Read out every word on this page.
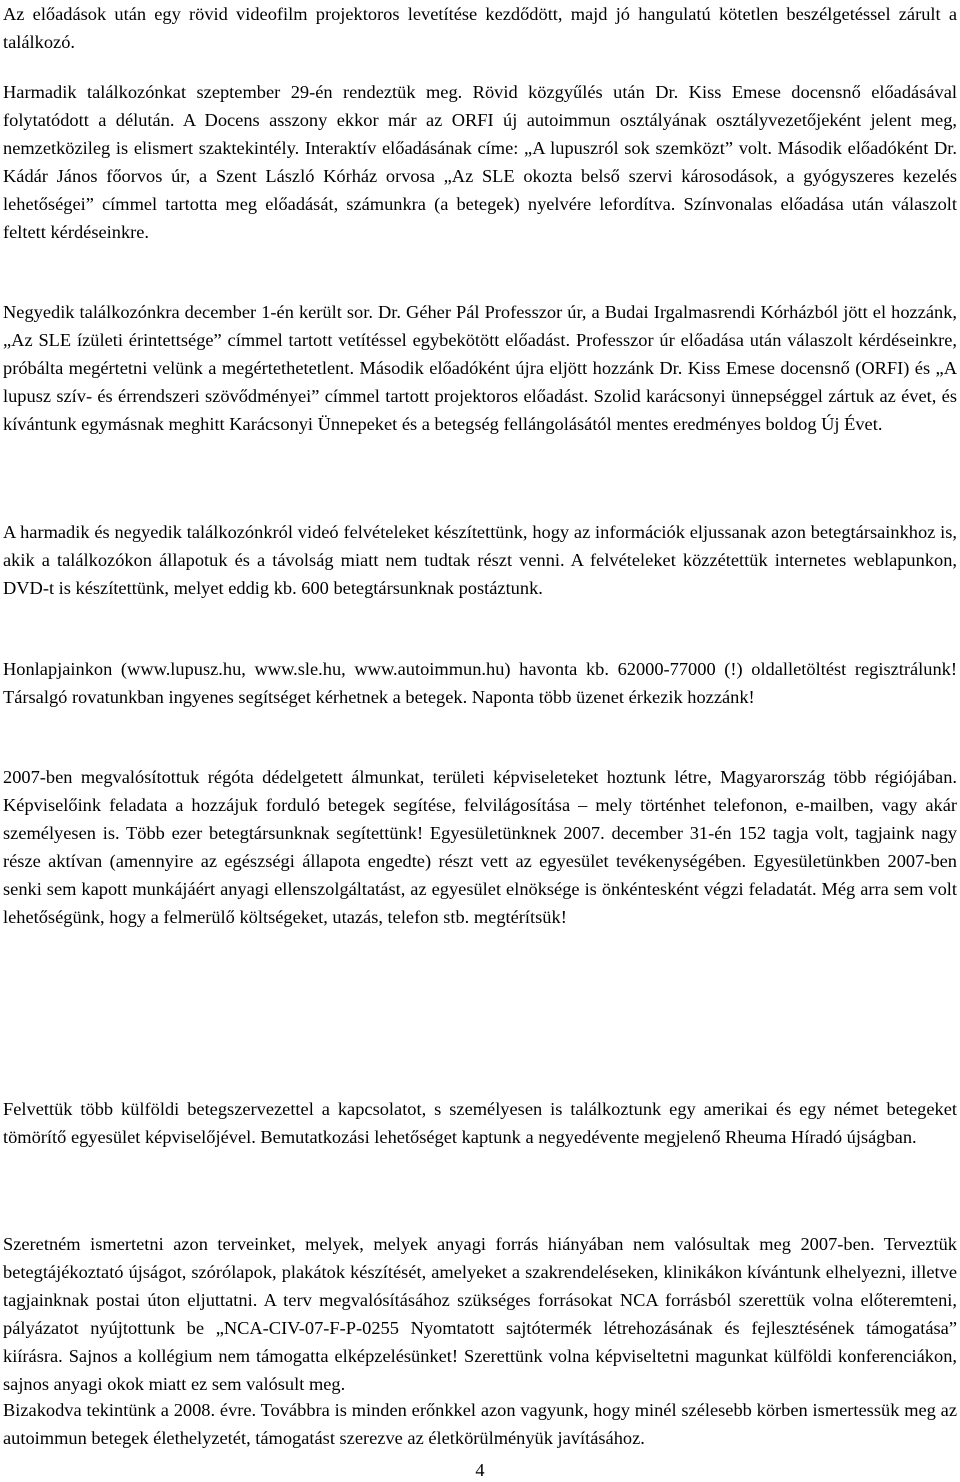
Az előadások után egy rövid videofilm projektoros levetítése kezdődött, majd jó hangulatú kötetlen beszélgetéssel zárult a találkozó.

Harmadik találkozónkat szeptember 29-én rendeztük meg. Rövid közgyűlés után Dr. Kiss Emese docensnő előadásával folytatódott a délután. A Docens asszony ekkor már az ORFI új autoimmun osztályának osztályvezetőjeként jelent meg, nemzetközileg is elismert szaktekintély. Interaktív előadásának címe: „A lupuszról sok szemközt” volt. Második előadóként Dr. Kádár János főorvos úr, a Szent László Kórház orvosa „Az SLE okozta belső szervi károsodások, a gyógyszeres kezelés lehetőségei” címmel tartotta meg előadását, számunkra (a betegek) nyelvére lefordítva. Színvonalas előadása után válaszolt feltett kérdéseinkre.

Negyedik találkozónkra december 1-én került sor. Dr. Géher Pál Professzor úr, a Budai Irgalmasrendi Kórházból jött el hozzánk, „Az SLE ízületi érintettsége” címmel tartott vetítéssel egybekötött előadást. Professzor úr előadása után válaszolt kérdéseinkre, próbálta megértetni velünk a megértethetetlent. Második előadóként újra eljött hozzánk Dr. Kiss Emese docensnő (ORFI) és „A lupusz szív- és érrendszeri szövődményei” címmel tartott projektoros előadást. Szolid karácsonyi ünnepséggel zártuk az évet, és kívántunk egymásnak meghitt Karácsonyi Ünnepeket és a betegség fellángolásától mentes eredményes boldog Új Évet.

A harmadik és negyedik találkozónkról videó felvételeket készítettünk, hogy az információk eljussanak azon betegtársainkhoz is, akik a találkozókon állapotuk és a távolság miatt nem tudtak részt venni. A felvételeket közzétettük internetes weblapunkon, DVD-t is készítettünk, melyet eddig kb. 600 betegtársunknak postáztunk.

Honlapjainkon (www.lupusz.hu, www.sle.hu, www.autoimmun.hu) havonta kb. 62000-77000 (!) oldalletöltést regisztrálunk! Társalgó rovatunkban ingyenes segítséget kérhetnek a betegek. Naponta több üzenet érkezik hozzánk!

2007-ben megvalósítottuk régóta dédelgetett álmunkat, területi képviseleteket hoztunk létre, Magyarország több régiójában. Képviselőink feladata a hozzájuk forduló betegek segítése, felvilágosítása – mely történhet telefonon, e-mailben, vagy akár személyesen is. Több ezer betegtársunknak segítettünk! Egyesületünknek 2007. december 31-én 152 tagja volt, tagjaink nagy része aktívan (amennyire az egészségi állapota engedte) részt vett az egyesület tevékenységében. Egyesületünkben 2007-ben senki sem kapott munkájáért anyagi ellenszolgáltatást, az egyesület elnöksége is önkéntesként végzi feladatát. Még arra sem volt lehetőségünk, hogy a felmerülő költségeket, utazás, telefon stb. megtérítsük!

Felvettük több külföldi betegszervezettel a kapcsolatot, s személyesen is találkoztunk egy amerikai és egy német betegeket tömörítő egyesület képviselőjével. Bemutatkozási lehetőséget kaptunk a negyedévente megjelenő Rheuma Híradó újságban.

Szeretném ismertetni azon terveinket, melyek, melyek anyagi forrás hiányában nem valósultak meg 2007-ben. Terveztük betegtájékoztató újságot, szórólapok, plakátok készítését, amelyeket a szakrendeléseken, klinikákon kívántunk elhelyezni, illetve tagjainknak postai úton eljuttatni. A terv megvalósításához szükséges forrásokat NCA forrásból szerettük volna előteremteni, pályázatot nyújtottunk be „NCA-CIV-07-F-P-0255 Nyomtatott sajtótermék létrehozásának és fejlesztésének támogatása” kiírásra. Sajnos a kollégium nem támogatta elképzelésünket! Szerettünk volna képviseltetni magunkat külföldi konferenciákon, sajnos anyagi okok miatt ez sem valósult meg.

Bizakodva tekintünk a 2008. évre. Továbbra is minden erőnkkel azon vagyunk, hogy minél szélesebb körben ismertessük meg az autoimmun betegek élethelyzetét, támogatást szerezve az életkörülményük javításához.

4
